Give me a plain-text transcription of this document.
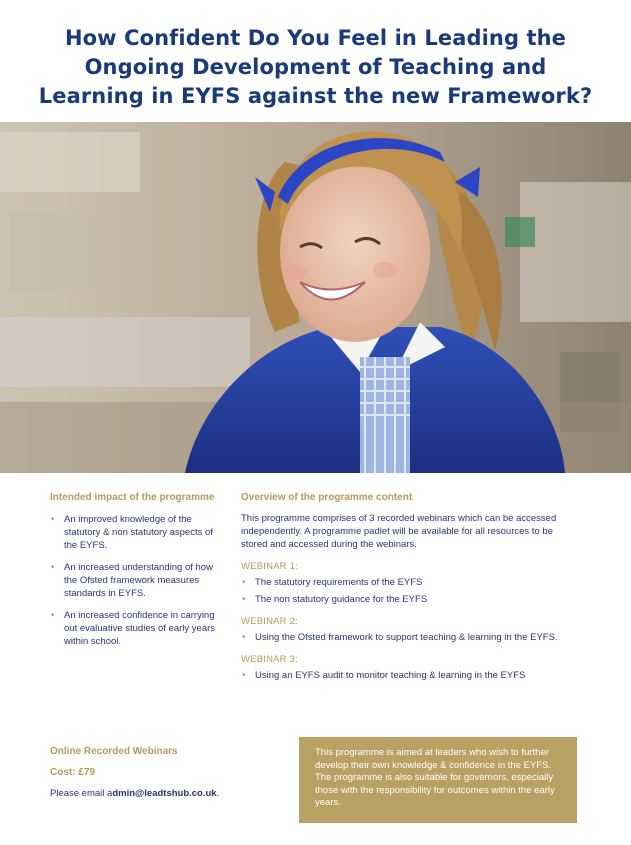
How Confident Do You Feel in Leading the
Ongoing Development of Teaching and
Learning in EYFS against the new Framework?
Intended impact of the programme
• An improved knowledge of the statutory & non statutory aspects of the EYFS.
• An increased understanding of how the Ofsted framework measures standards in EYFS.
• An increased confidence in carrying out evaluative studies of early years within school.
Overview of the programme content

This programme comprises of 3 recorded webinars which can be accessed independently. A programme padlet will be available for all resources to be stored and accessed during the webinars.

WEBINAR 1:
• The statutory requirements of the EYFS
• The non statutory guidance for the EYFS
WEBINAR 2:
• Using the Ofsted framework to support teaching & learning in the EYFS.
WEBINAR 3:
• Using an EYFS audit to monitor teaching & learning in the EYFS
Online Recorded Webinars
Cost: £79

Please email admin@leadtshub.co.uk.

This programme is aimed at leaders who wish to further develop their own knowledge & confidence in the EYFS. The programme is also suitable for governors, especially those with the responsibility for outcomes within the early years.
